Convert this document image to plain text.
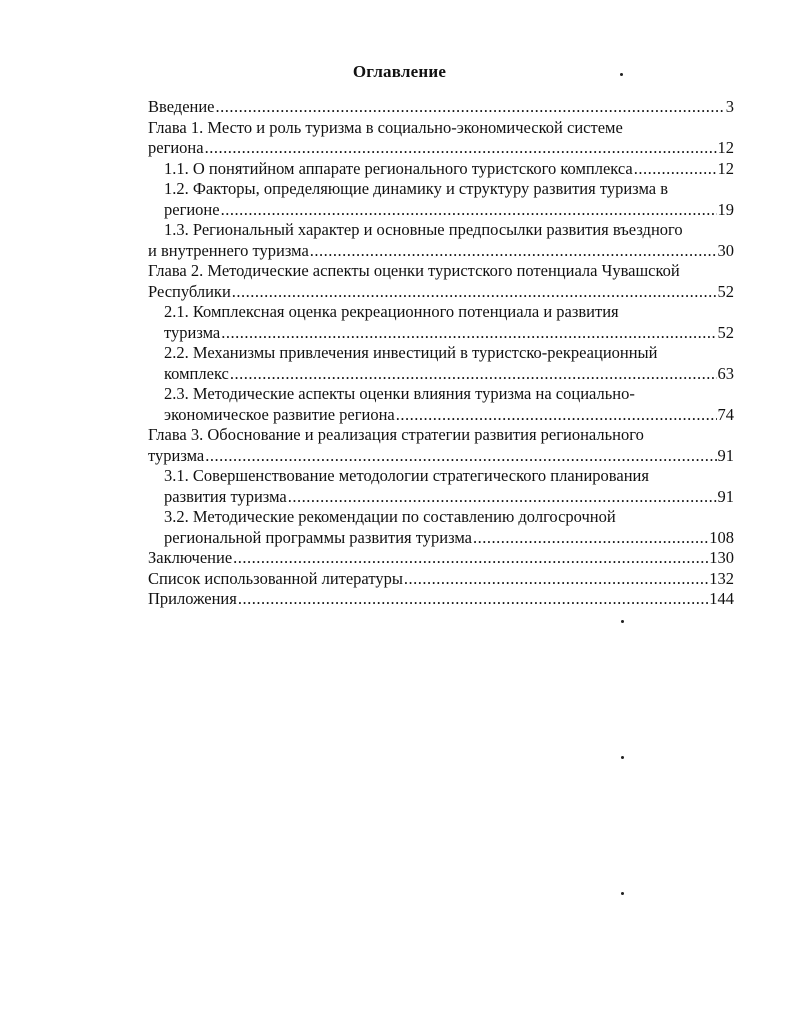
Оглавление
Введение .....	3
Глава 1. Место и роль туризма в социально-экономической системе
региона .....	12
1.1. О понятийном аппарате регионального туристского комплекса .....	12
1.2. Факторы, определяющие динамику и структуру развития туризма в
регионе .....	19
1.3. Региональный характер и основные предпосылки развития въездного
и внутреннего туризма .....	30
Глава 2. Методические аспекты оценки туристского потенциала Чувашской
Республики .....	52
2.1. Комплексная оценка рекреационного потенциала и развития
туризма .....	52
2.2. Механизмы привлечения инвестиций в туристско-рекреационный
комплекс .....	63
2.3. Методические аспекты оценки влияния туризма на социально-
экономическое развитие региона .....	74
Глава 3. Обоснование и реализация стратегии развития регионального
туризма .....	91
3.1. Совершенствование методологии стратегического планирования
развития туризма .....	91
3.2. Методические рекомендации по составлению долгосрочной
региональной программы развития туризма .....	108
Заключение .....	130
Список использованной литературы .....	132
Приложения .....	144
